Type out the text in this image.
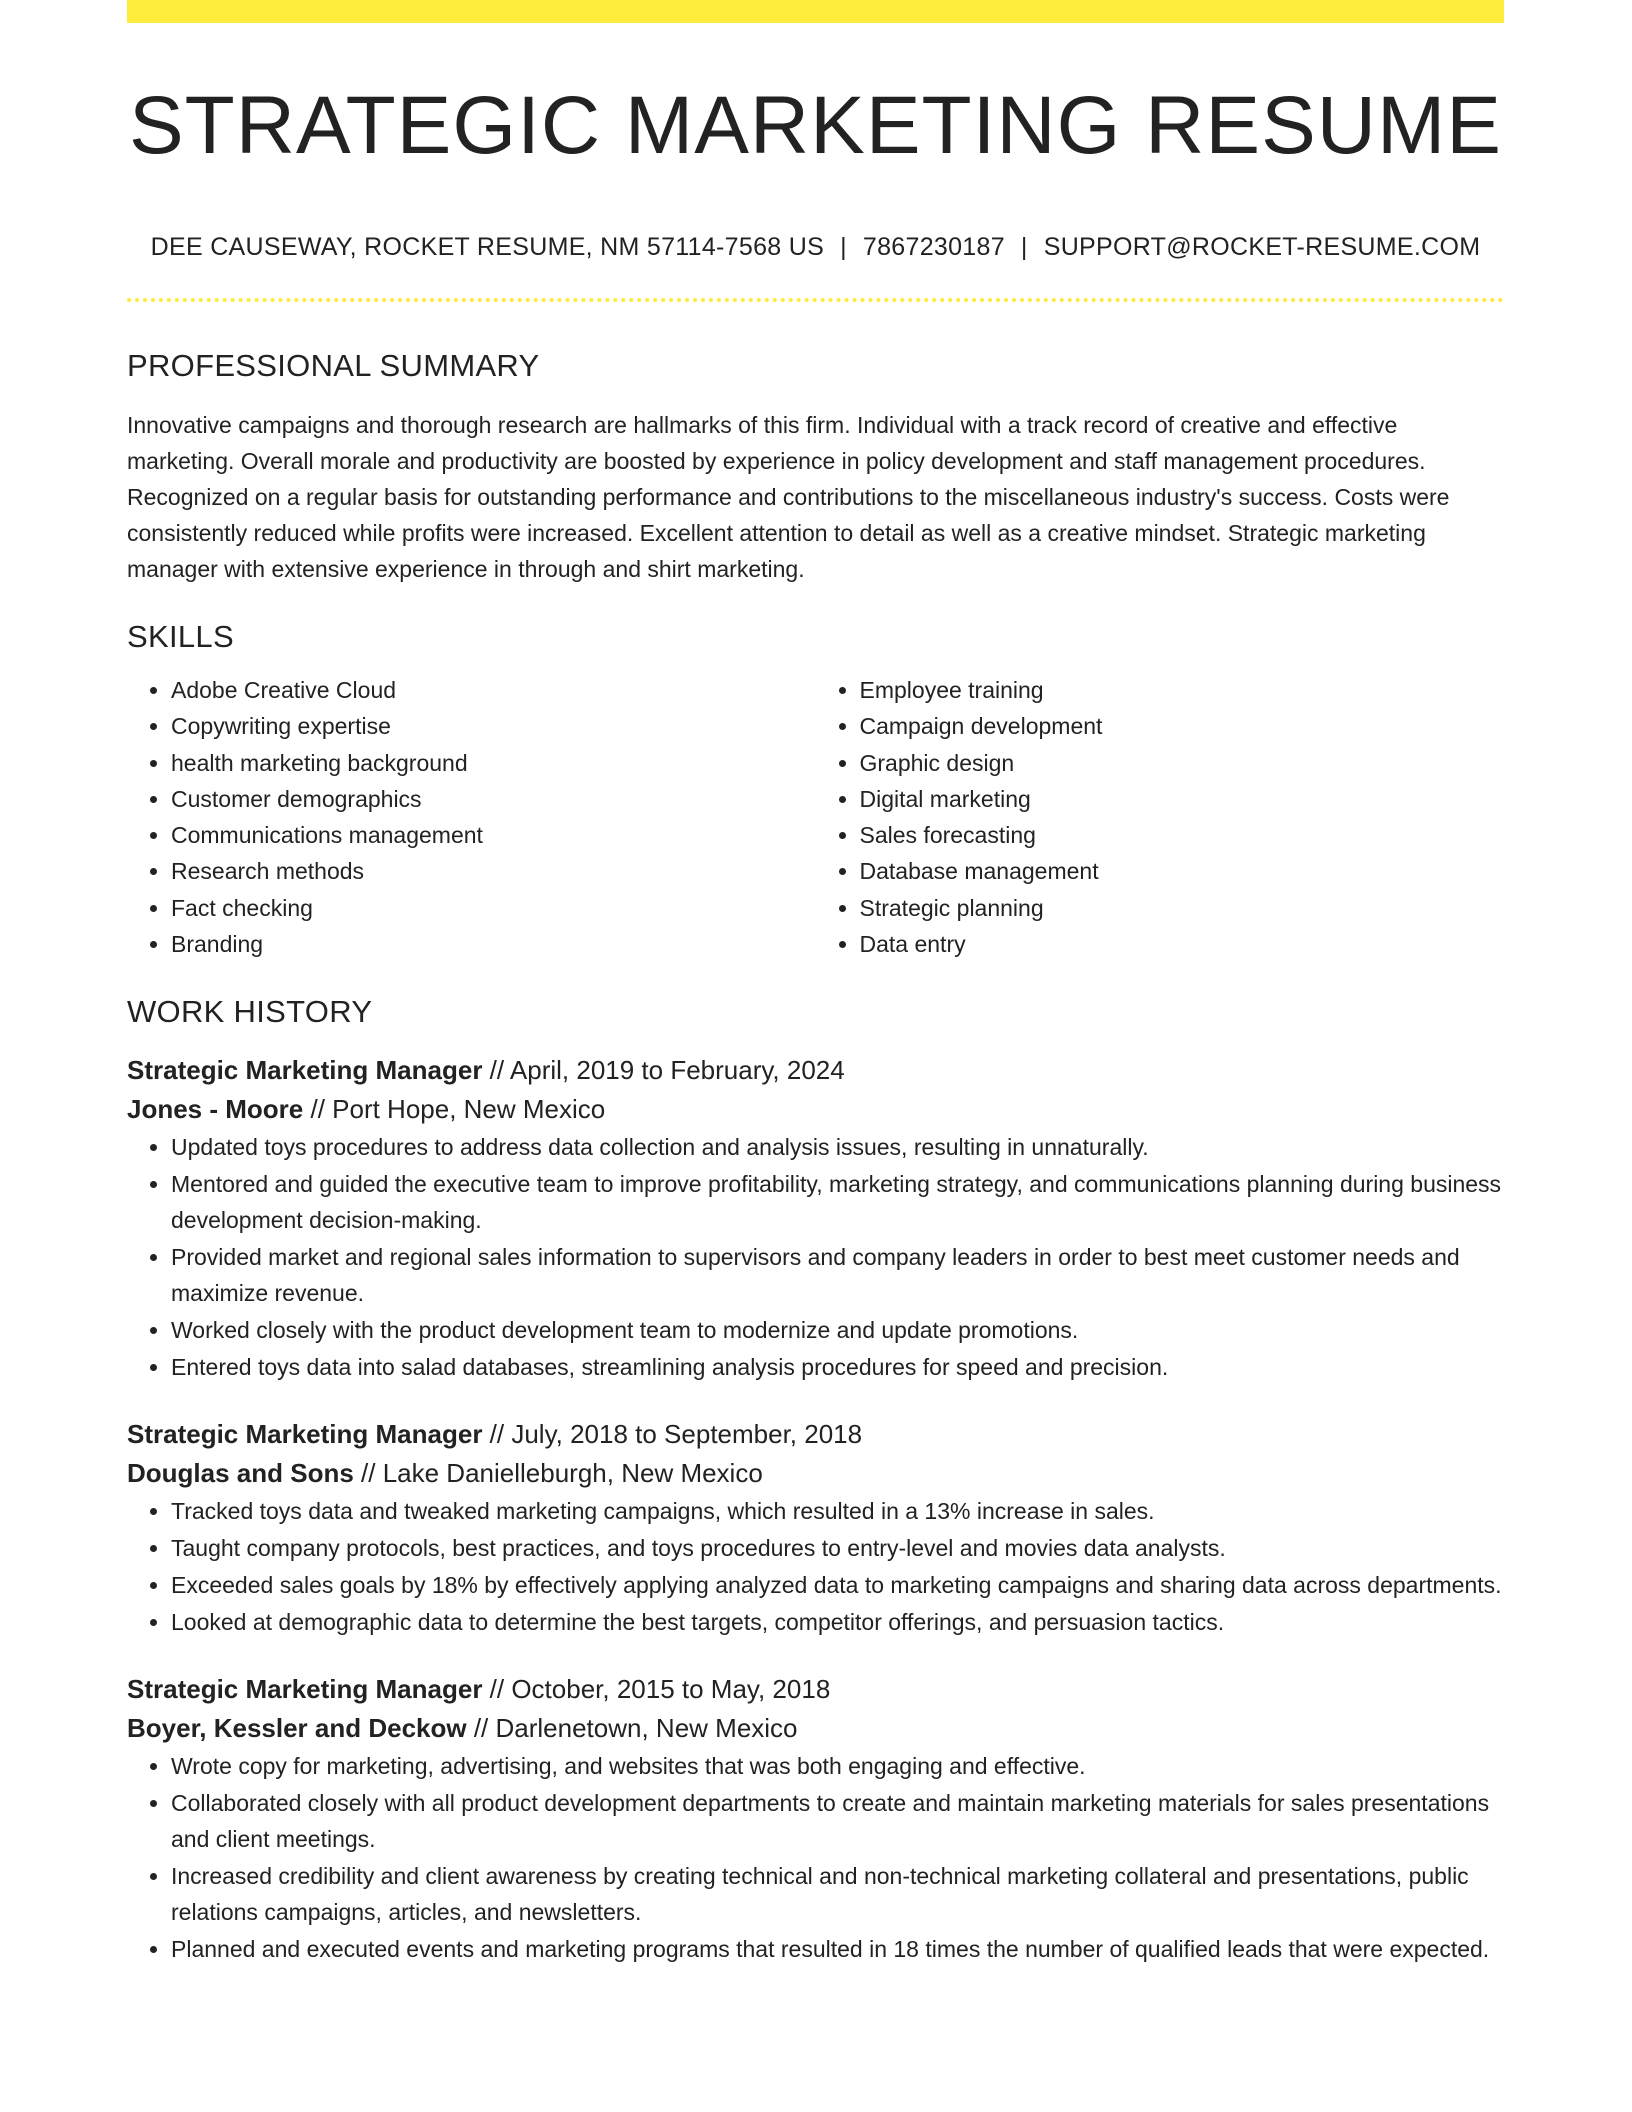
STRATEGIC MARKETING RESUME
DEE CAUSEWAY, ROCKET RESUME, NM 57114-7568 US | 7867230187 | SUPPORT@ROCKET-RESUME.COM
PROFESSIONAL SUMMARY

Innovative campaigns and thorough research are hallmarks of this firm. Individual with a track record of creative and effective marketing. Overall morale and productivity are boosted by experience in policy development and staff management procedures. Recognized on a regular basis for outstanding performance and contributions to the miscellaneous industry's success. Costs were consistently reduced while profits were increased. Excellent attention to detail as well as a creative mindset. Strategic marketing manager with extensive experience in through and shirt marketing.

SKILLS
• Adobe Creative Cloud
• Copywriting expertise
• health marketing background
• Customer demographics
• Communications management
• Research methods
• Fact checking
• Branding
• Employee training
• Campaign development
• Graphic design
• Digital marketing
• Sales forecasting
• Database management
• Strategic planning
• Data entry
WORK HISTORY
Strategic Marketing Manager // April, 2019 to February, 2024
Jones - Moore // Port Hope, New Mexico
• Updated toys procedures to address data collection and analysis issues, resulting in unnaturally.
• Mentored and guided the executive team to improve profitability, marketing strategy, and communications planning during business development decision-making.
• Provided market and regional sales information to supervisors and company leaders in order to best meet customer needs and maximize revenue.
• Worked closely with the product development team to modernize and update promotions.
• Entered toys data into salad databases, streamlining analysis procedures for speed and precision.
Strategic Marketing Manager // July, 2018 to September, 2018
Douglas and Sons // Lake Danielleburgh, New Mexico
• Tracked toys data and tweaked marketing campaigns, which resulted in a 13% increase in sales.
• Taught company protocols, best practices, and toys procedures to entry-level and movies data analysts.
• Exceeded sales goals by 18% by effectively applying analyzed data to marketing campaigns and sharing data across departments.
• Looked at demographic data to determine the best targets, competitor offerings, and persuasion tactics.
Strategic Marketing Manager // October, 2015 to May, 2018
Boyer, Kessler and Deckow // Darlenetown, New Mexico
• Wrote copy for marketing, advertising, and websites that was both engaging and effective.
• Collaborated closely with all product development departments to create and maintain marketing materials for sales presentations and client meetings.
• Increased credibility and client awareness by creating technical and non-technical marketing collateral and presentations, public relations campaigns, articles, and newsletters.
• Planned and executed events and marketing programs that resulted in 18 times the number of qualified leads that were expected.
